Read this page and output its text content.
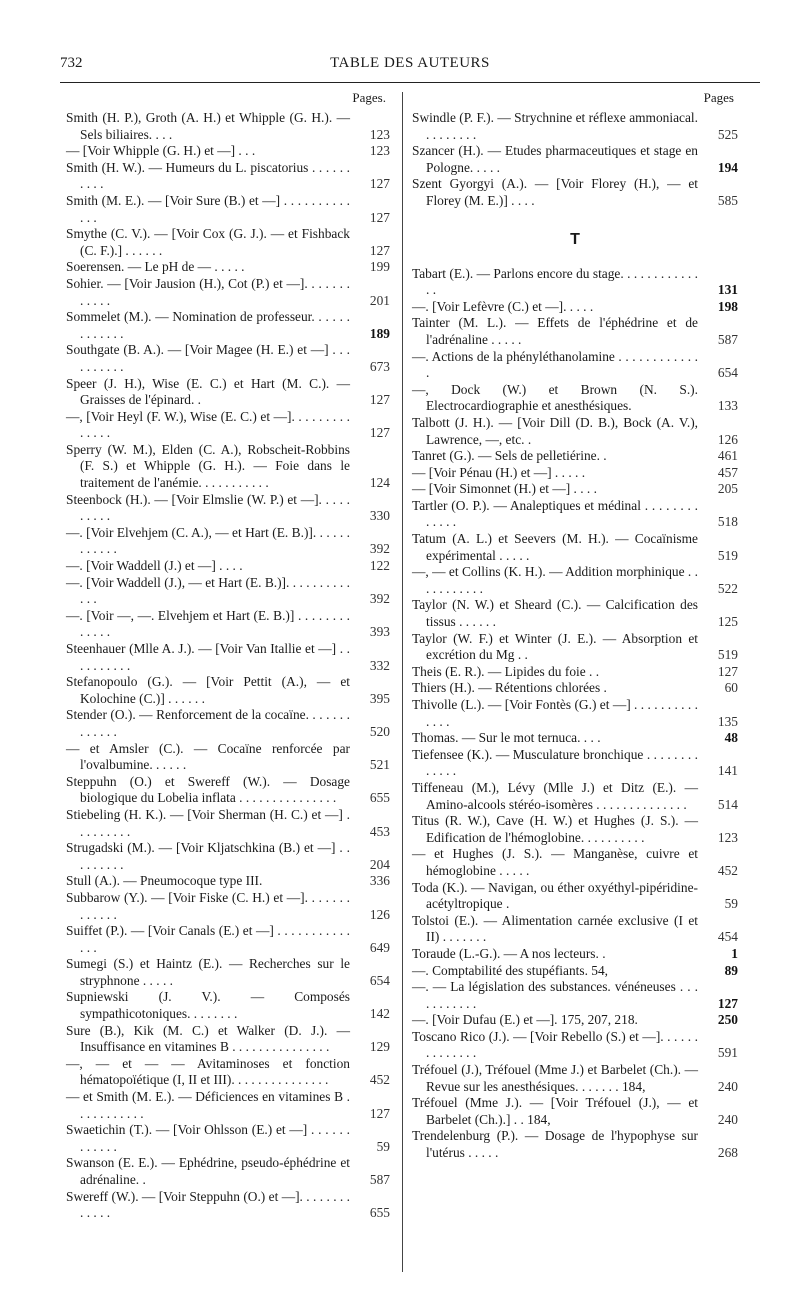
732	TABLE DES AUTEURS
Pages.
Smith (H. P.), Groth (A. H.) et Whipple (G. H.). — Sels biliaires. . . .	123
— [Voir Whipple (G. H.) et —] . . .	123
Smith (H. W.). — Humeurs du L. piscatorius . . . . . . . . . .	127
Smith (M. E.). — [Voir Sure (B.) et —] . . . . . . . . . . . . .	127
Smythe (C. V.). — [Voir Cox (G. J.). — et Fishback (C. F.).] . . . . . .	127
Soerensen. — Le pH de — . . . . .	199
Sohier. — [Voir Jausion (H.), Cot (P.) et —]. . . . . . . . . . . .	201
Sommelet (M.). — Nomination de professeur. . . . . . . . . . . . .	189
Southgate (B. A.). — [Voir Magee (H. E.) et —] . . . . . . . . . .	673
Speer (J. H.), Wise (E. C.) et Hart (M. C.). — Graisses de l'épinard. .	127
—, [Voir Heyl (F. W.), Wise (E. C.) et —]. . . . . . . . . . . . . .	127
Sperry (W. M.), Elden (C. A.), Robscheit-Robbins (F. S.) et Whipple (G. H.). — Foie dans le traitement de l'anémie. . . . . . . . . . .	124
Steenbock (H.). — [Voir Elmslie (W. P.) et —]. . . . . . . . . .	330
—. [Voir Elvehjem (C. A.), — et Hart (E. B.)]. . . . . . . . . . . .	392
—. [Voir Waddell (J.) et —] . . . .	122
—. [Voir Waddell (J.), — et Hart (E. B.)]. . . . . . . . . . . . .	392
—. [Voir —, —. Elvehjem et Hart (E. B.)] . . . . . . . . . . . . .	393
Steenhauer (Mlle A. J.). — [Voir Van Itallie et —] . . . . . . . . . .	332
Stefanopoulo (G.). — [Voir Pettit (A.), — et Kolochine (C.)] . . . . . .	395
Stender (O.). — Renforcement de la cocaïne. . . . . . . . . . . . .	520
— et Amsler (C.). — Cocaïne renforcée par l'ovalbumine. . . . . .	521
Steppuhn (O.) et Swereff (W.). — Dosage biologique du Lobelia inflata . . . . . . . . . . . . . . .	655
Stiebeling (H. K.). — [Voir Sherman (H. C.) et —] . . . . . . . . .	453
Strugadski (M.). — [Voir Kljatschkina (B.) et —] . . . . . . . . .	204
Stull (A.). — Pneumocoque type III.	336
Subbarow (Y.). — [Voir Fiske (C. H.) et —]. . . . . . . . . . . . .	126
Suiffet (P.). — [Voir Canals (E.) et —] . . . . . . . . . . . . . .	649
Sumegi (S.) et Haintz (E.). — Recherches sur le stryphnone . . . . .	654
Supniewski (J. V.). — Composés sympathicotoniques. . . . . . . .	142
Sure (B.), Kik (M. C.) et Walker (D. J.). — Insuffisance en vitamines B . . . . . . . . . . . . . . .	129
—, — et — — Avitaminoses et fonction hématopoïétique (I, II et III). . . . . . . . . . . . . . .	452
— et Smith (M. E.). — Déficiences en vitamines B . . . . . . . . . . .	127
Swaetichin (T.). — [Voir Ohlsson (E.) et —] . . . . . . . . . . . .	59
Swanson (E. E.). — Ephédrine, pseudo-éphédrine et adrénaline. .	587
Swereff (W.). — [Voir Steppuhn (O.) et —]. . . . . . . . . . . . .	655
Pages
Swindle (P. F.). — Strychnine et réflexe ammoniacal. . . . . . . . .	525
Szancer (H.). — Etudes pharmaceutiques et stage en Pologne. . . . .	194
Szent Gyorgyi (A.). — [Voir Florey (H.), — et Florey (M. E.)] . . . .	585
T
Tabart (E.). — Parlons encore du stage. . . . . . . . . . . . . .	131
—. [Voir Lefèvre (C.) et —]. . . . .	198
Tainter (M. L.). — Effets de l'éphédrine et de l'adrénaline . . . . .	587
—. Actions de la phényléthanolamine . . . . . . . . . . . . .	654
—, Dock (W.) et Brown (N. S.). Electrocardiographie et anesthésiques.	133
Talbott (J. H.). — [Voir Dill (D. B.), Bock (A. V.), Lawrence, —, etc. .	126
Tanret (G.). — Sels de pelletiérine. .	461
— [Voir Pénau (H.) et —] . . . . .	457
— [Voir Simonnet (H.) et —] . . . .	205
Tartler (O. P.). — Analeptiques et médinal . . . . . . . . . . . . .	518
Tatum (A. L.) et Seevers (M. H.). — Cocaïnisme expérimental . . . . .	519
—, — et Collins (K. H.). — Addition morphinique . . . . . . . . . . .	522
Taylor (N. W.) et Sheard (C.). — Calcification des tissus . . . . . .	125
Taylor (W. F.) et Winter (J. E.). — Absorption et excrétion du Mg . .	519
Theis (E. R.). — Lipides du foie . .	127
Thiers (H.). — Rétentions chlorées .	60
Thivolle (L.). — [Voir Fontès (G.) et —] . . . . . . . . . . . . . .	135
Thomas. — Sur le mot ternuca. . . .	48
Tiefensee (K.). — Musculature bronchique . . . . . . . . . . . . .	141
Tiffeneau (M.), Lévy (Mlle J.) et Ditz (E.). — Amino-alcools stéréo-isomères . . . . . . . . . . . . . . 514
Titus (R. W.), Cave (H. W.) et Hughes (J. S.). — Edification de l'hémoglobine. . . . . . . . . .	123
— et Hughes (J. S.). — Manganèse, cuivre et hémoglobine . . . . .	452
Toda (K.). — Navigan, ou éther oxyéthyl-pipéridine-acétyltropique .	59
Tolstoi (E.). — Alimentation carnée exclusive (I et II) . . . . . . .	454
Toraude (L.-G.). — A nos lecteurs. .	1
—. Comptabilité des stupéfiants. 54,	89
—. — La législation des substances. vénéneuses . . . . . . . . . . .	127
—. [Voir Dufau (E.) et —]. 175, 207, 218.	250
Toscano Rico (J.). — [Voir Rebello (S.) et —]. . . . . . . . . . . . . .	591
Tréfouel (J.), Tréfouel (Mme J.) et Barbelet (Ch.). — Revue sur les anesthésiques. . . . . . . 184,	240
Tréfouel (Mme J.). — [Voir Tréfouel (J.), — et Barbelet (Ch.).] . . 184,	240
Trendelenburg (P.). — Dosage de l'hypophyse sur l'utérus . . . . .	268
